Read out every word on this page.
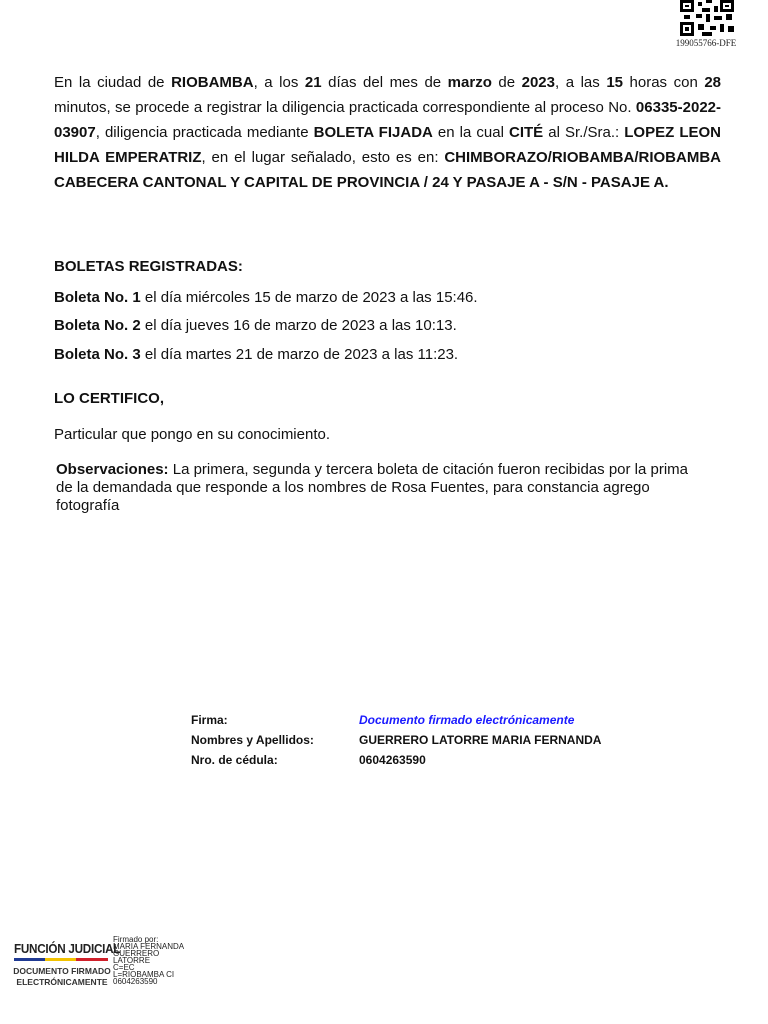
199055766-DFE
En la ciudad de RIOBAMBA, a los 21 días del mes de marzo de 2023, a las 15 horas con 28 minutos, se procede a registrar la diligencia practicada correspondiente al proceso No. 06335-2022-03907, diligencia practicada mediante BOLETA FIJADA en la cual CITÉ al Sr./Sra.: LOPEZ LEON HILDA EMPERATRIZ, en el lugar señalado, esto es en: CHIMBORAZO/RIOBAMBA/RIOBAMBA CABECERA CANTONAL Y CAPITAL DE PROVINCIA / 24 Y PASAJE A - S/N - PASAJE A.
BOLETAS REGISTRADAS:
Boleta No. 1 el día miércoles 15 de marzo de 2023 a las 15:46.
Boleta No. 2 el día jueves 16 de marzo de 2023 a las 10:13.
Boleta No. 3 el día martes 21 de marzo de 2023 a las 11:23.
LO CERTIFICO,
Particular que pongo en su conocimiento.
Observaciones: La primera, segunda y tercera boleta de citación fueron recibidas por la prima de la demandada que responde a los nombres de Rosa Fuentes, para constancia agrego fotografía
Firma:	Documento firmado electrónicamente
Nombres y Apellidos:	GUERRERO LATORRE MARIA FERNANDA
Nro. de cédula:	0604263590
FUNCIÓN JUDICIAL
DOCUMENTO FIRMADO
ELECTRÓNICAMENTE
Firmado por:
MARIA FERNANDA
GUERRERO
LATORRE
C=EC
L=RIOBAMBA CI
0604263590
